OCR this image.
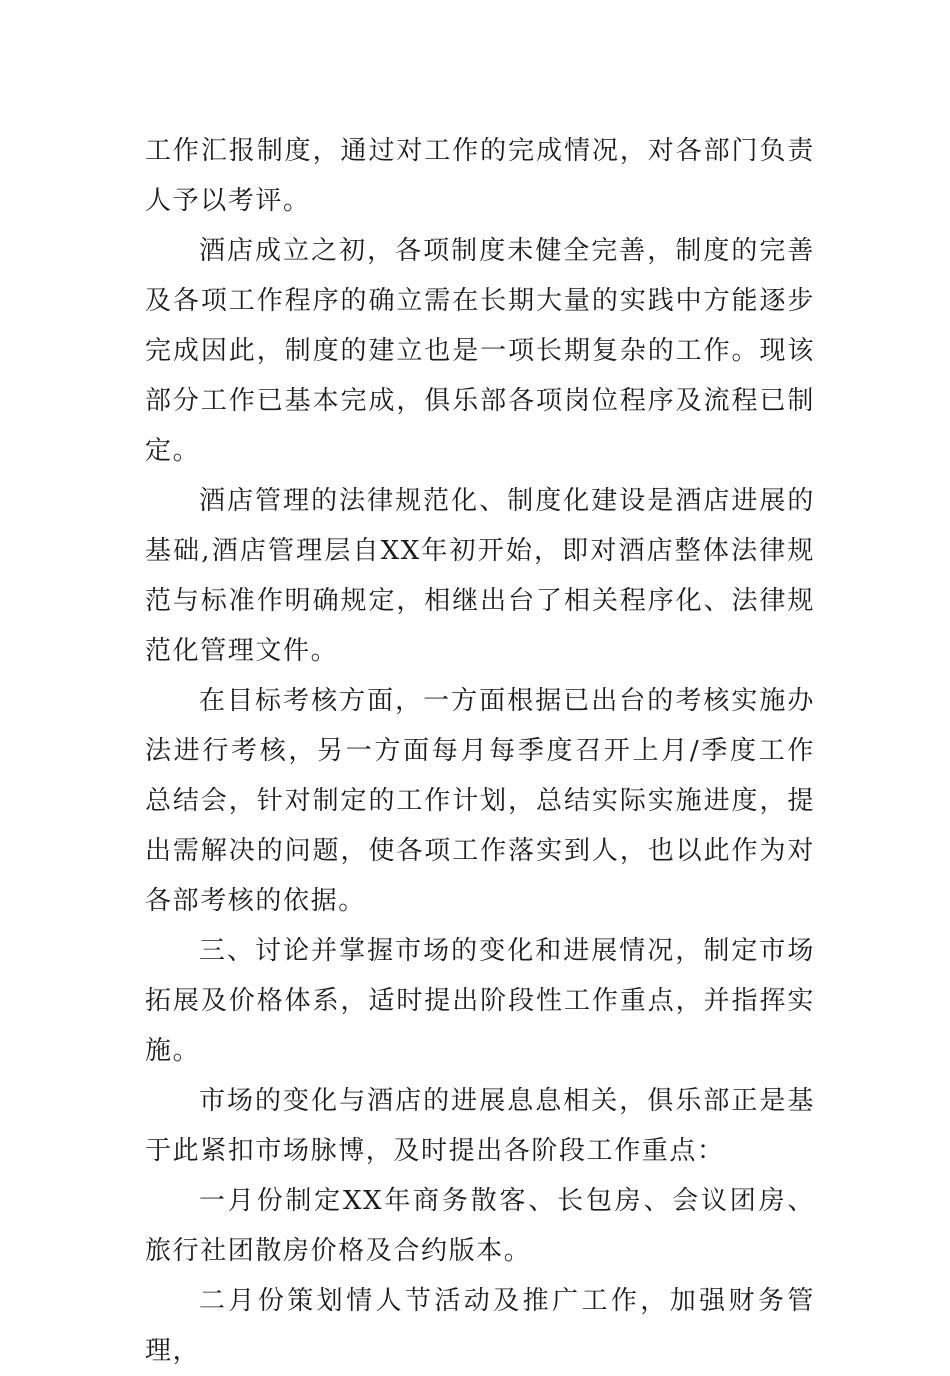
工作汇报制度，通过对工作的完成情况，对各部门负责人予以考评。

酒店成立之初，各项制度未健全完善，制度的完善及各项工作程序的确立需在长期大量的实践中方能逐步完成因此，制度的建立也是一项长期复杂的工作。现该部分工作已基本完成，俱乐部各项岗位程序及流程已制定。

酒店管理的法律规范化、制度化建设是酒店进展的基础,酒店管理层自XX年初开始，即对酒店整体法律规范与标准作明确规定，相继出台了相关程序化、法律规范化管理文件。

在目标考核方面，一方面根据已出台的考核实施办法进行考核，另一方面每月每季度召开上月/季度工作总结会，针对制定的工作计划，总结实际实施进度，提出需解决的问题，使各项工作落实到人，也以此作为对各部考核的依据。

三、讨论并掌握市场的变化和进展情况，制定市场拓展及价格体系，适时提出阶段性工作重点，并指挥实施。

市场的变化与酒店的进展息息相关，俱乐部正是基于此紧扣市场脉博，及时提出各阶段工作重点：

一月份制定XX年商务散客、长包房、会议团房、旅行社团散房价格及合约版本。

二月份策划情人节活动及推广工作，加强财务管理，
